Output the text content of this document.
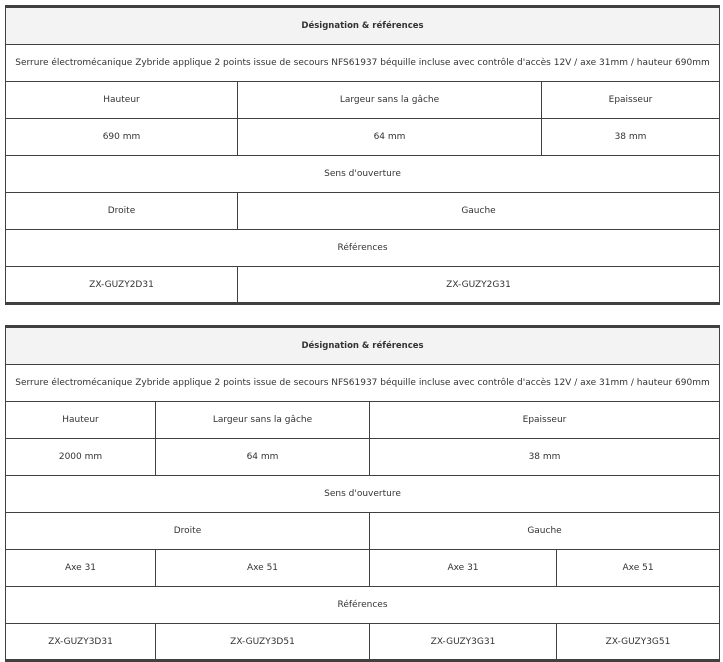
Désignation & références		
Serrure électromécanique Zybride applique 2 points issue de secours NFS61937 béquille incluse avec contrôle d'accès 12V / axe 31mm / hauteur 690mm		
Hauteur	Largeur sans la gâche	Epaisseur
690 mm	64 mm	38 mm
Sens d'ouverture		
Droite	Gauche	
Références		
ZX-GUZY2D31	ZX-GUZY2G31	
Désignation & références			
Serrure électromécanique Zybride applique 2 points issue de secours NFS61937 béquille incluse avec contrôle d'accès 12V / axe 31mm / hauteur 690mm			
Hauteur	Largeur sans la gâche	Epaisseur	
2000 mm	64 mm	38 mm	
Sens d'ouverture			
Droite		Gauche	
Axe 31	Axe 51	Axe 31	Axe 51
Références			
ZX-GUZY3D31	ZX-GUZY3D51	ZX-GUZY3G31	ZX-GUZY3G51
